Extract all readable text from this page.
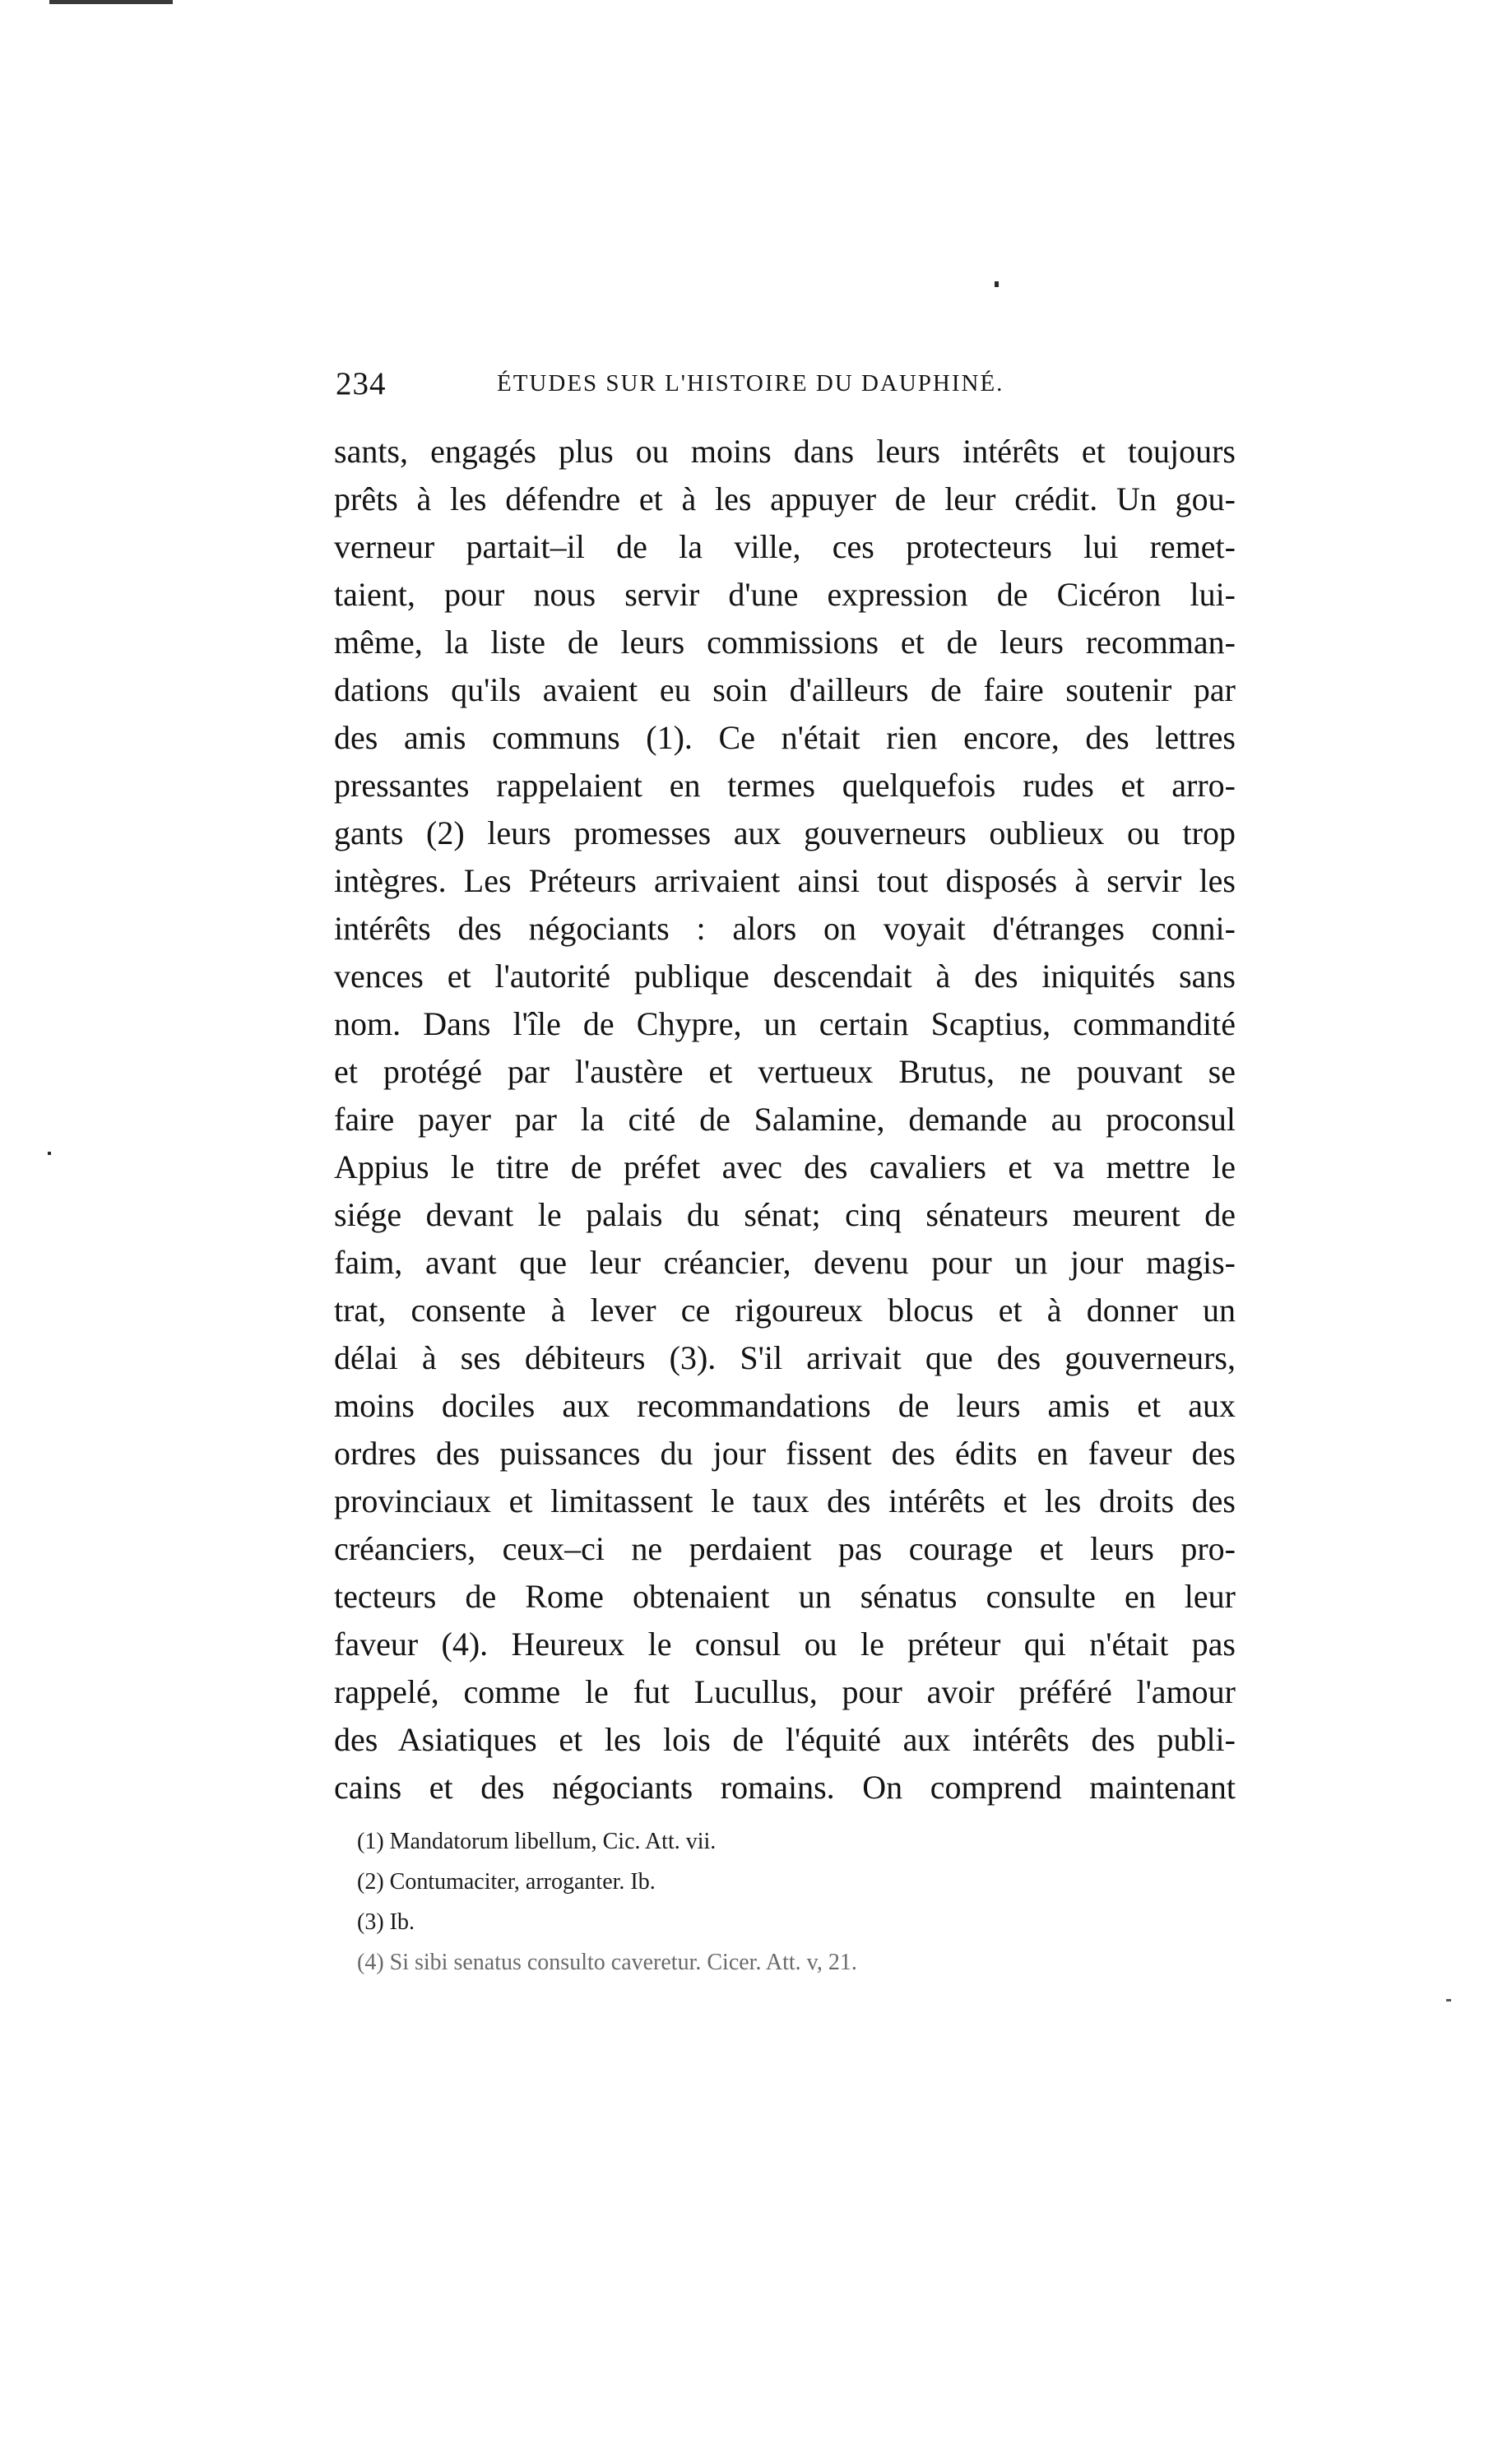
234	ÉTUDES SUR L'HISTOIRE DU DAUPHINÉ.
sants, engagés plus ou moins dans leurs intérêts et toujours
prêts à les défendre et à les appuyer de leur crédit. Un gou-
verneur partait–il de la ville, ces protecteurs lui remet-
taient, pour nous servir d'une expression de Cicéron lui-
même, la liste de leurs commissions et de leurs recomman-
dations qu'ils avaient eu soin d'ailleurs de faire soutenir par
des amis communs (1). Ce n'était rien encore, des lettres
pressantes rappelaient en termes quelquefois rudes et arro-
gants (2) leurs promesses aux gouverneurs oublieux ou trop
intègres. Les Préteurs arrivaient ainsi tout disposés à servir les
intérêts des négociants : alors on voyait d'étranges conni-
vences et l'autorité publique descendait à des iniquités sans
nom. Dans l'île de Chypre, un certain Scaptius, commandité
et protégé par l'austère et vertueux Brutus, ne pouvant se
faire payer par la cité de Salamine, demande au proconsul
Appius le titre de préfet avec des cavaliers et va mettre le
siége devant le palais du sénat; cinq sénateurs meurent de
faim, avant que leur créancier, devenu pour un jour magis-
trat, consente à lever ce rigoureux blocus et à donner un
délai à ses débiteurs (3). S'il arrivait que des gouverneurs,
moins dociles aux recommandations de leurs amis et aux
ordres des puissances du jour fissent des édits en faveur des
provinciaux et limitassent le taux des intérêts et les droits des
créanciers, ceux–ci ne perdaient pas courage et leurs pro-
tecteurs de Rome obtenaient un sénatus consulte en leur
faveur (4). Heureux le consul ou le préteur qui n'était pas
rappelé, comme le fut Lucullus, pour avoir préféré l'amour
des Asiatiques et les lois de l'équité aux intérêts des publi-
cains et des négociants romains. On comprend maintenant
(1) Mandatorum libellum, Cic. Att. vii.
(2) Contumaciter, arroganter. Ib.
(3) Ib.
(4) Si sibi senatus consulto caveretur. Cicer. Att. v, 21.
